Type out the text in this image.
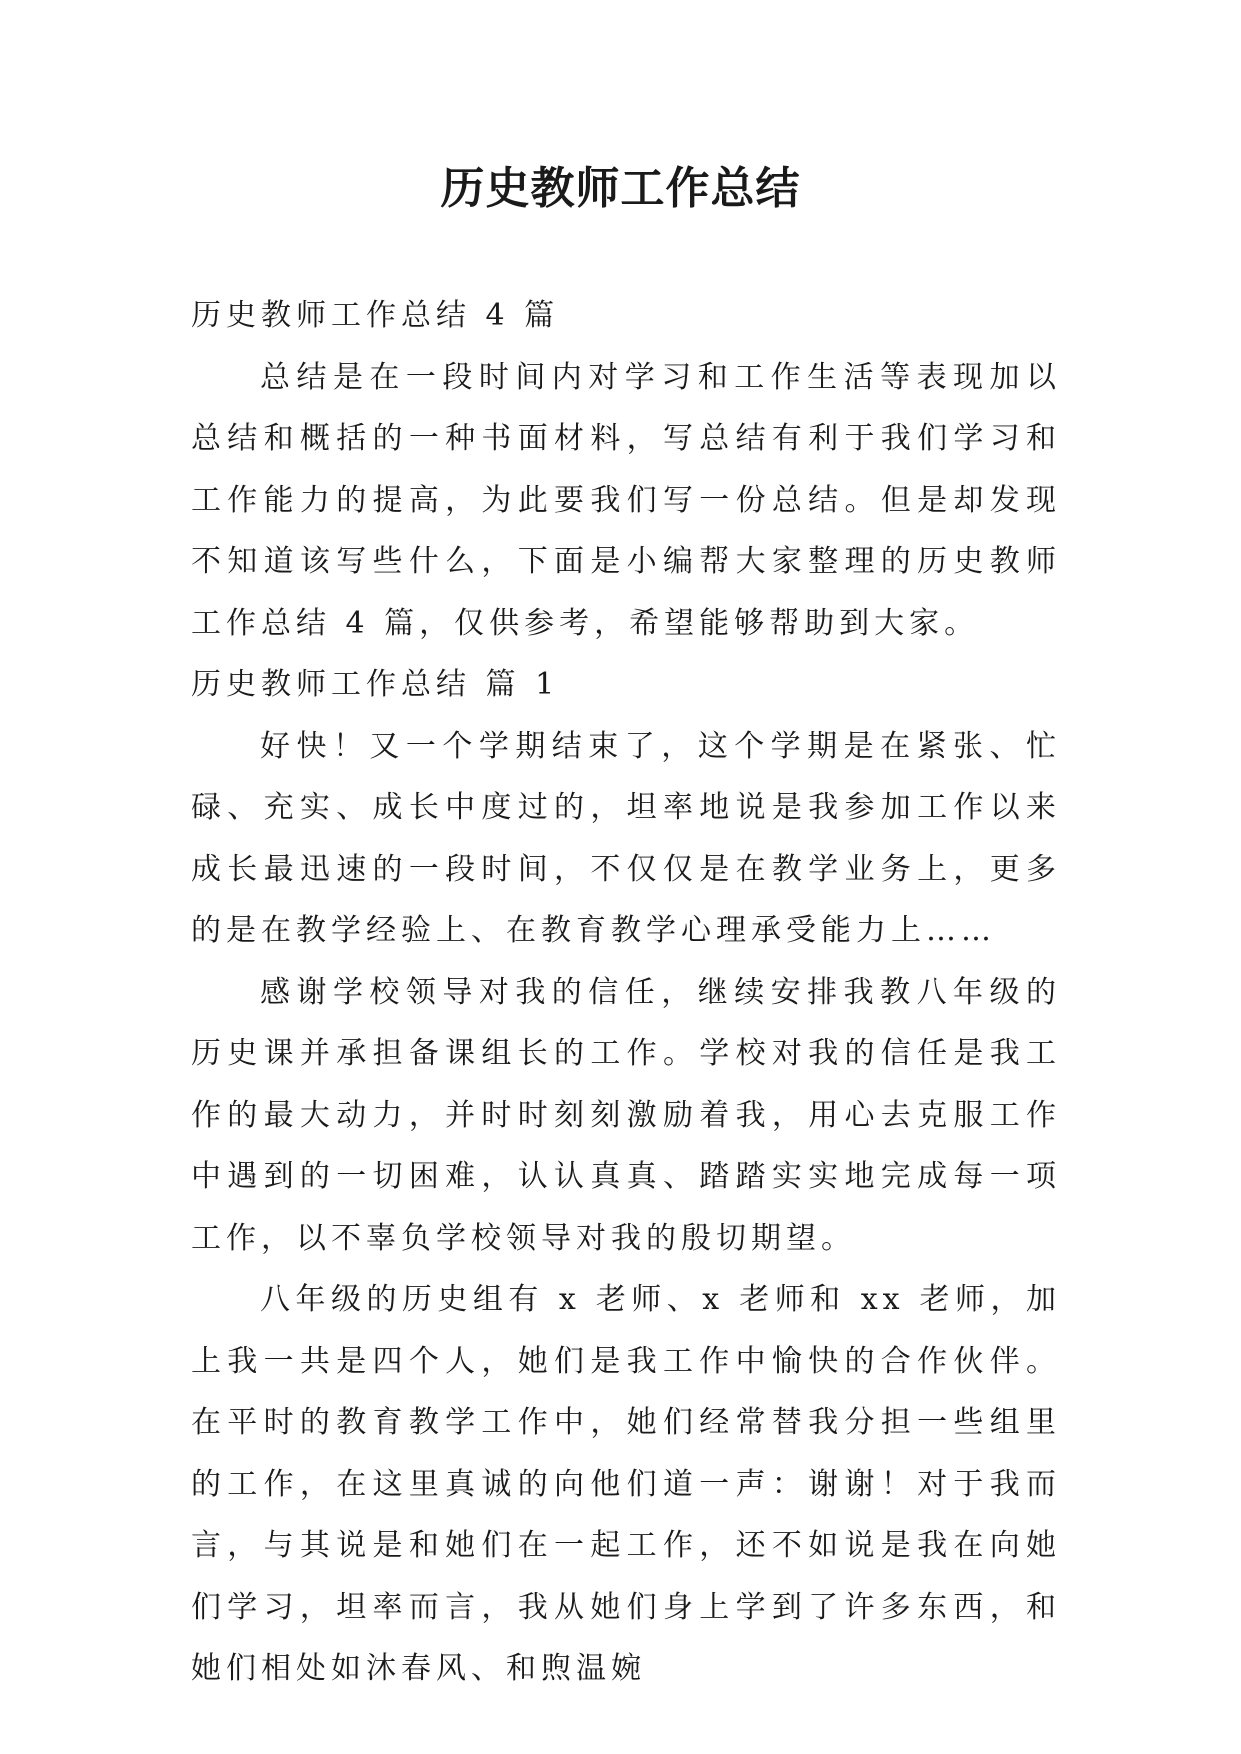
历史教师工作总结

历史教师工作总结 4 篇

总结是在一段时间内对学习和工作生活等表现加以总结和概括的一种书面材料，写总结有利于我们学习和工作能力的提高，为此要我们写一份总结。但是却发现不知道该写些什么，下面是小编帮大家整理的历史教师工作总结 4 篇，仅供参考，希望能够帮助到大家。

历史教师工作总结 篇 1

好快！又一个学期结束了，这个学期是在紧张、忙碌、充实、成长中度过的，坦率地说是我参加工作以来成长最迅速的一段时间，不仅仅是在教学业务上，更多的是在教学经验上、在教育教学心理承受能力上……

感谢学校领导对我的信任，继续安排我教八年级的历史课并承担备课组长的工作。学校对我的信任是我工作的最大动力，并时时刻刻激励着我，用心去克服工作中遇到的一切困难，认认真真、踏踏实实地完成每一项工作，以不辜负学校领导对我的殷切期望。

八年级的历史组有 x 老师、x 老师和 xx 老师，加上我一共是四个人，她们是我工作中愉快的合作伙伴。在平时的教育教学工作中，她们经常替我分担一些组里的工作，在这里真诚的向他们道一声：谢谢！对于我而言，与其说是和她们在一起工作，还不如说是我在向她们学习，坦率而言，我从她们身上学到了许多东西，和她们相处如沐春风、和煦温婉
